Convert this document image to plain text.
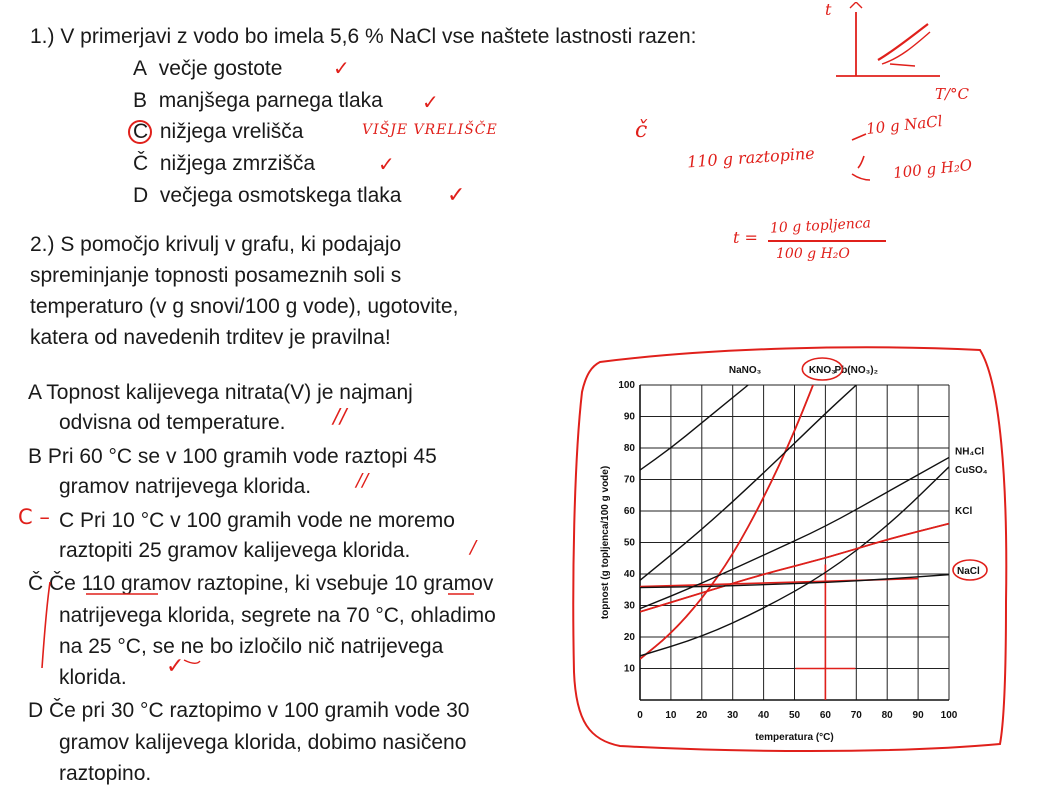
1.) V primerjavi z vodo bo imela 5,6 % NaCl vse naštete lastnosti razen:
A večje gostote
B manjšega parnega tlaka
C nižjega vrelišča
Č nižjega zmrzišča
D večjega osmotskega tlaka
✓
✓
VIŠJE VRELIŠČE
✓
✓
2.) S pomočjo krivulj v grafu, ki podajajo
spreminjanje topnosti posameznih soli s
temperaturo (v g snovi/100 g vode), ugotovite,
katera od navedenih trditev je pravilna!
A Topnost kalijevega nitrata(V) je najmanj
odvisna od temperature.
B Pri 60 °C se v 100 gramih vode raztopi 45
gramov natrijevega klorida.
C Pri 10 °C v 100 gramih vode ne moremo
raztopiti 25 gramov kalijevega klorida.
Č Če 110 gramov raztopine, ki vsebuje 10 gramov
natrijevega klorida, segrete na 70 °C, ohladimo
na 25 °C, se ne bo izločilo nič natrijevega
klorida.
D Če pri 30 °C raztopimo v 100 gramih vode 30
gramov kalijevega klorida, dobimo nasičeno
raztopino.
//
//
/
C –
✓
t
T/°C
č
110 g raztopine
10 g NaCl
100 g H₂O
t =
10 g topljenca
100 g H₂O
0 10 20 30 40 50 60 70 80 90 100
10
20
30
40
50
60
70
80
90
100
temperatura (°C)
topnost (g topljenca/100 g vode)
NaNO₃	KNO₃
Pb(NO₃)₂
NH₄Cl
CuSO₄
KCl
NaCl
